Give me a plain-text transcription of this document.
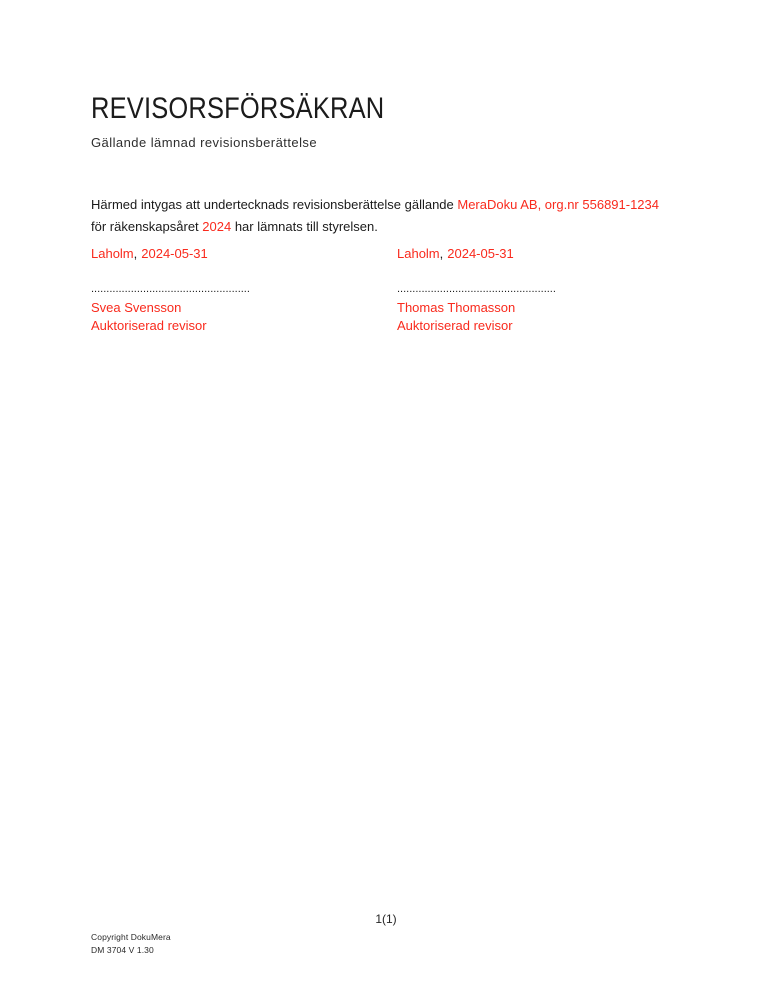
REVISORSFÖRSÄKRAN
Gällande lämnad revisionsberättelse

Härmed intygas att undertecknads revisionsberättelse gällande MeraDoku AB, org.nr 556891-1234
för räkenskapsåret 2024 har lämnats till styrelsen.

Laholm, 2024-05-31
....................................................
Svea Svensson
Auktoriserad revisor
Laholm, 2024-05-31
....................................................
Thomas Thomasson
Auktoriserad revisor
1(1)
Copyright DokuMera
DM 3704 V 1.30
